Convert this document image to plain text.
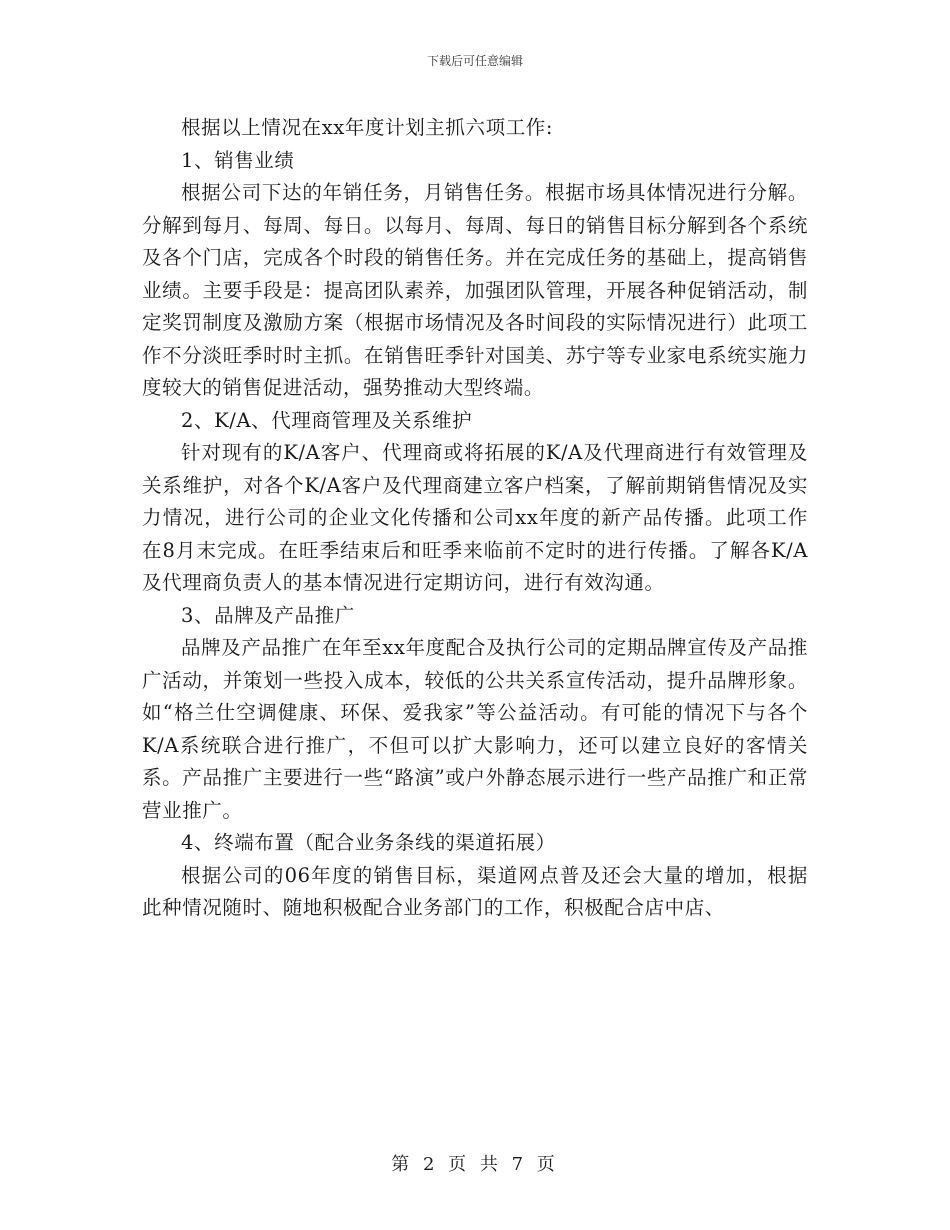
下载后可任意编辑

根据以上情况在xx年度计划主抓六项工作:

1、销售业绩

根据公司下达的年销任务，月销售任务。根据市场具体情况进行分解。分解到每月、每周、每日。以每月、每周、每日的销售目标分解到各个系统及各个门店，完成各个时段的销售任务。并在完成任务的基础上，提高销售业绩。主要手段是：提高团队素养，加强团队管理，开展各种促销活动，制定奖罚制度及激励方案（根据市场情况及各时间段的实际情况进行）此项工作不分淡旺季时时主抓。在销售旺季针对国美、苏宁等专业家电系统实施力度较大的销售促进活动，强势推动大型终端。

2、K/A、代理商管理及关系维护

针对现有的K/A客户、代理商或将拓展的K/A及代理商进行有效管理及关系维护，对各个K/A客户及代理商建立客户档案，了解前期销售情况及实力情况，进行公司的企业文化传播和公司xx年度的新产品传播。此项工作在8月末完成。在旺季结束后和旺季来临前不定时的进行传播。了解各K/A及代理商负责人的基本情况进行定期访问，进行有效沟通。

3、品牌及产品推广

品牌及产品推广在年至xx年度配合及执行公司的定期品牌宣传及产品推广活动，并策划一些投入成本，较低的公共关系宣传活动，提升品牌形象。如“格兰仕空调健康、环保、爱我家”等公益活动。有可能的情况下与各个K/A系统联合进行推广，不但可以扩大影响力，还可以建立良好的客情关系。产品推广主要进行一些“路演”或户外静态展示进行一些产品推广和正常营业推广。

4、终端布置（配合业务条线的渠道拓展）

根据公司的06年度的销售目标，渠道网点普及还会大量的增加，根据此种情况随时、随地积极配合业务部门的工作，积极配合店中店、

第 2 页 共 7 页
